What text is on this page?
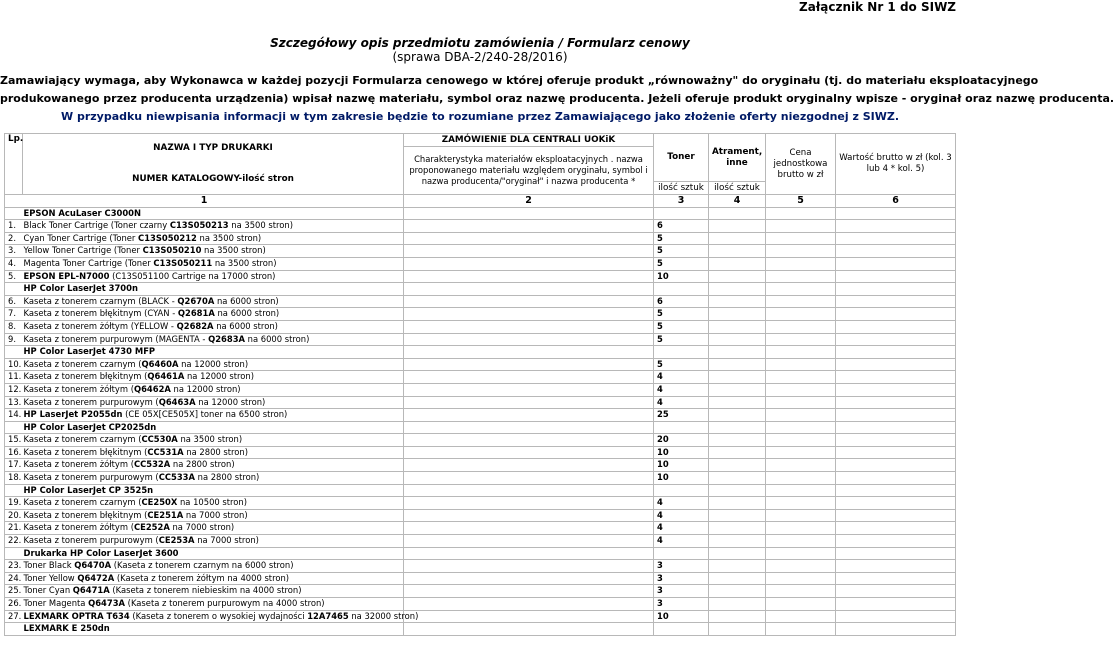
Załącznik Nr 1 do SIWZ
Szczegółowy opis przedmiotu zamówienia / Formularz cenowy
(sprawa DBA-2/240-28/2016)
Zamawiający wymaga, aby Wykonawca w każdej pozycji Formularza cenowego w której oferuje produkt „równoważny" do oryginału (tj. do materiału eksploatacyjnego
produkowanego przez producenta urządzenia) wpisał nazwę materiału, symbol oraz nazwę producenta. Jeżeli oferuje produkt oryginalny wpisze - oryginał oraz nazwę producenta.
W przypadku niewpisania informacji w tym zakresie będzie to rozumiane przez Zamawiającego jako złożenie oferty niezgodnej z SIWZ.
Lp.	NAZWA I TYP DRUKARKI
NUMER KATALOGOWY-ilość stron	ZAMÓWIENIE DLA CENTRALI UOKiK	Toner	Atrament, inne	Cena jednostkowa brutto w zł	Wartość brutto w zł (kol. 3 lub 4 * kol. 5)
		Charakterystyka materiałów eksploatacyjnych . nazwa proponowanego materiału względem oryginału, symbol i nazwa producenta/"oryginał" i nazwa producenta *				
			ilość sztuk	ilość sztuk		
1		2	3	4	5	6
	EPSON AcuLaser C3000N					
1.	Black Toner Cartrige (Toner czarny C13S050213 na 3500 stron)		6			
2.	Cyan Toner Cartrige (Toner C13S050212 na 3500 stron)		5			
3.	Yellow Toner Cartrige (Toner C13S050210 na 3500 stron)		5			
4.	Magenta Toner Cartrige (Toner C13S050211 na 3500 stron)		5			
5.	EPSON EPL-N7000 (C13S051100 Cartrige na 17000 stron)		10			
	HP Color LaserJet 3700n					
6.	Kaseta z tonerem czarnym (BLACK - Q2670A na 6000 stron)		6			
7.	Kaseta z tonerem błękitnym (CYAN - Q2681A na 6000 stron)		5			
8.	Kaseta z tonerem żółtym (YELLOW - Q2682A na 6000 stron)		5			
9.	Kaseta z tonerem purpurowym (MAGENTA - Q2683A na 6000 stron)		5			
	HP Color LaserJet 4730 MFP					
10.	Kaseta z tonerem czarnym (Q6460A na 12000 stron)		5			
11.	Kaseta z tonerem błękitnym (Q6461A na 12000 stron)		4			
12.	Kaseta z tonerem żółtym (Q6462A na 12000 stron)		4			
13.	Kaseta z tonerem purpurowym (Q6463A na 12000 stron)		4			
14.	HP LaserJet P2055dn (CE 05X[CE505X] toner na 6500 stron)		25			
	HP Color LaserJet CP2025dn					
15.	Kaseta z tonerem czarnym (CC530A na 3500 stron)		20			
16.	Kaseta z tonerem błękitnym (CC531A na 2800 stron)		10			
17.	Kaseta z tonerem żółtym (CC532A na 2800 stron)		10			
18.	Kaseta z tonerem purpurowym (CC533A na 2800 stron)		10			
	HP Color LaserJet CP 3525n					
19.	Kaseta z tonerem czarnym (CE250X na 10500 stron)		4			
20.	Kaseta z tonerem błękitnym (CE251A na 7000 stron)		4			
21.	Kaseta z tonerem żółtym (CE252A na 7000 stron)		4			
22.	Kaseta z tonerem purpurowym (CE253A na 7000 stron)		4			
	Drukarka HP Color LaserJet 3600					
23.	Toner Black Q6470A (Kaseta z tonerem czarnym na 6000 stron)		3			
24.	Toner Yellow Q6472A (Kaseta z tonerem żółtym na 4000 stron)		3			
25.	Toner Cyan Q6471A (Kaseta z tonerem niebieskim na 4000 stron)		3			
26.	Toner Magenta Q6473A (Kaseta z tonerem purpurowym na 4000 stron)		3			
27.	LEXMARK OPTRA T634 (Kaseta z tonerem o wysokiej wydajności 12A7465 na 32000 stron)		10			
	LEXMARK E 250dn					
